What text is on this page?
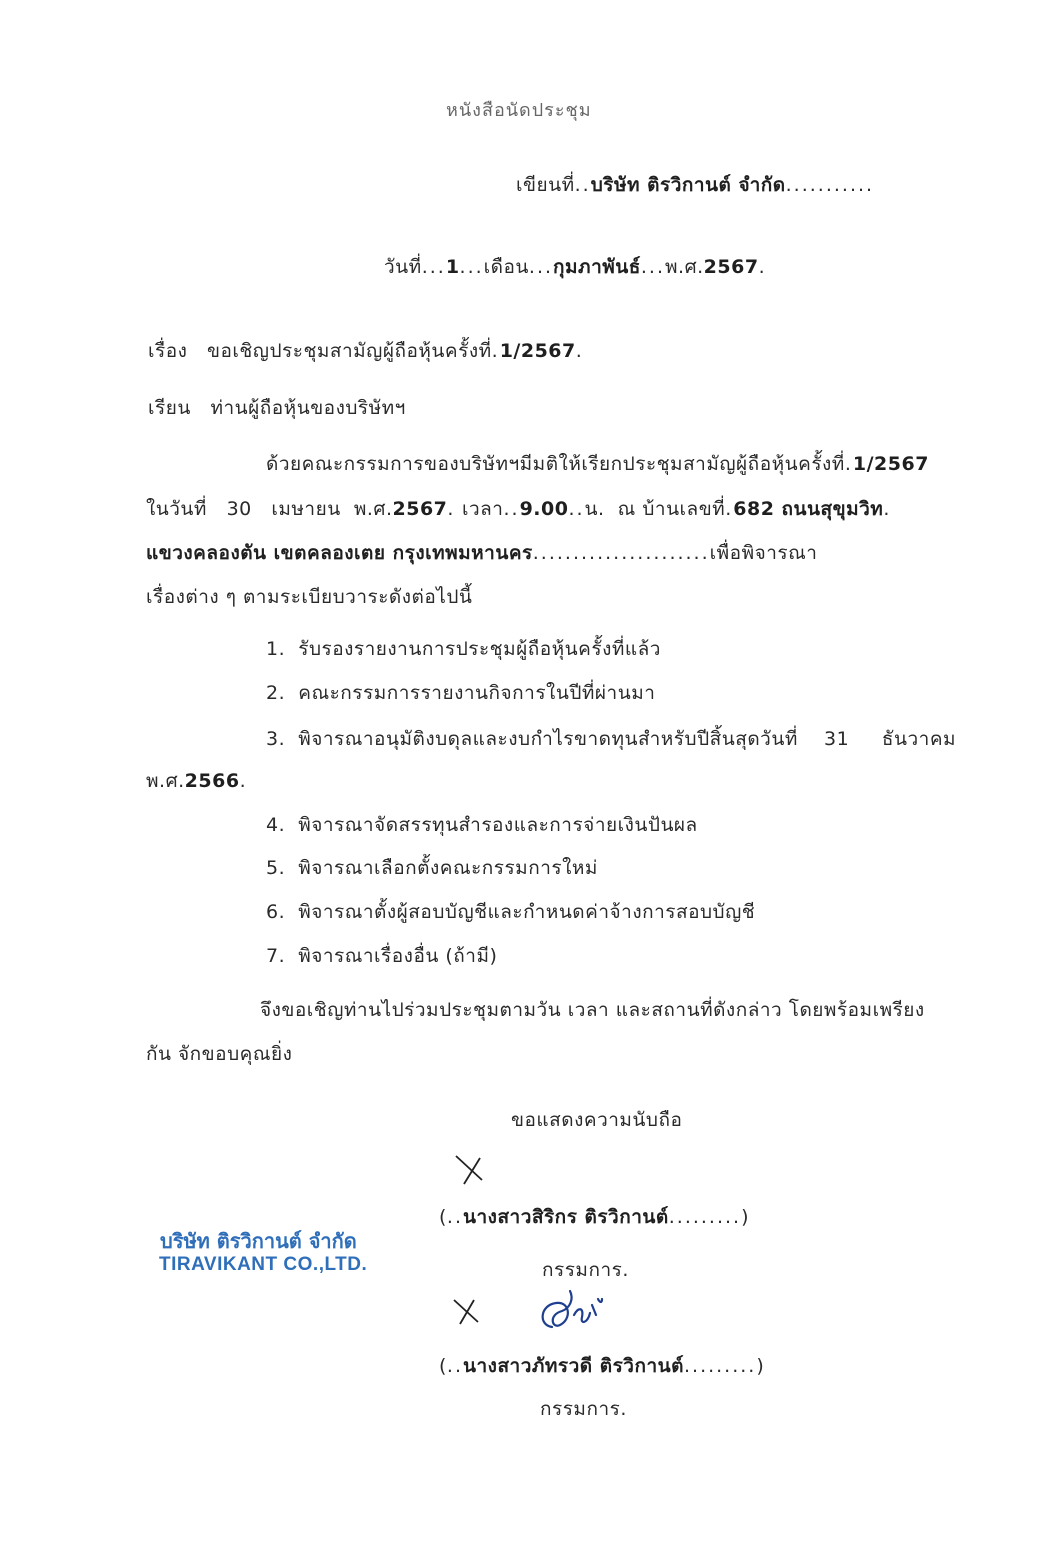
หนังสือนัดประชุม
เขียนที่..บริษัท ติรวิกานต์ จำกัด...........
วันที่...1...เดือน...กุมภาพันธ์...พ.ศ.2567.
เรื่อง ขอเชิญประชุมสามัญผู้ถือหุ้นครั้งที่.1/2567.
เรียน ท่านผู้ถือหุ้นของบริษัทฯ
ด้วยคณะกรรมการของบริษัทฯมีมติให้เรียกประชุมสามัญผู้ถือหุ้นครั้งที่.1/2567
ในวันที่ 30 เมษายน พ.ศ.2567. เวลา..9.00..น. ณ บ้านเลขที่.682 ถนนสุขุมวิท.
แขวงคลองตัน เขตคลองเตย กรุงเทพมหานคร......................เพื่อพิจารณา
เรื่องต่าง ๆ ตามระเบียบวาระดังต่อไปนี้
1. รับรองรายงานการประชุมผู้ถือหุ้นครั้งที่แล้ว
2. คณะกรรมการรายงานกิจการในปีที่ผ่านมา
3. พิจารณาอนุมัติงบดุลและงบกำไรขาดทุนสำหรับปีสิ้นสุดวันที่ 31 ธันวาคม
พ.ศ.2566.
4. พิจารณาจัดสรรทุนสำรองและการจ่ายเงินปันผล
5. พิจารณาเลือกตั้งคณะกรรมการใหม่
6. พิจารณาตั้งผู้สอบบัญชีและกำหนดค่าจ้างการสอบบัญชี
7. พิจารณาเรื่องอื่น (ถ้ามี)
จึงขอเชิญท่านไปร่วมประชุมตามวัน เวลา และสถานที่ดังกล่าว โดยพร้อมเพรียง
กัน จักขอบคุณยิ่ง
ขอแสดงความนับถือ
(..นางสาวสิริกร ติรวิกานต์.........)
กรรมการ.
บริษัท ติรวิกานต์ จำกัด
TIRAVIKANT CO.,LTD.
(..นางสาวภัทรวดี ติรวิกานต์.........)
กรรมการ.
